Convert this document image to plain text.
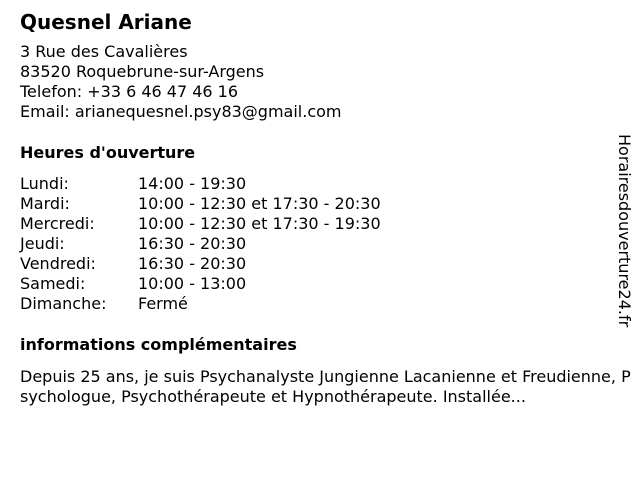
Quesnel Ariane
3 Rue des Cavalières
83520 Roquebrune-sur-Argens
Telefon: +33 6 46 47 46 16
Email: arianequesnel.psy83@gmail.com
Heures d'ouverture
Lundi:	14:00 - 19:30
Mardi:	10:00 - 12:30 et 17:30 - 20:30
Mercredi:	10:00 - 12:30 et 17:30 - 19:30
Jeudi:	16:30 - 20:30
Vendredi:	16:30 - 20:30
Samedi:	10:00 - 13:00
Dimanche:	Fermé
informations complémentaires
Depuis 25 ans, je suis Psychanalyste Jungienne Lacanienne et Freudienne, Psychologue, Psychothérapeute et Hypnothérapeute. Installée...
Horairesdouverture24.fr
